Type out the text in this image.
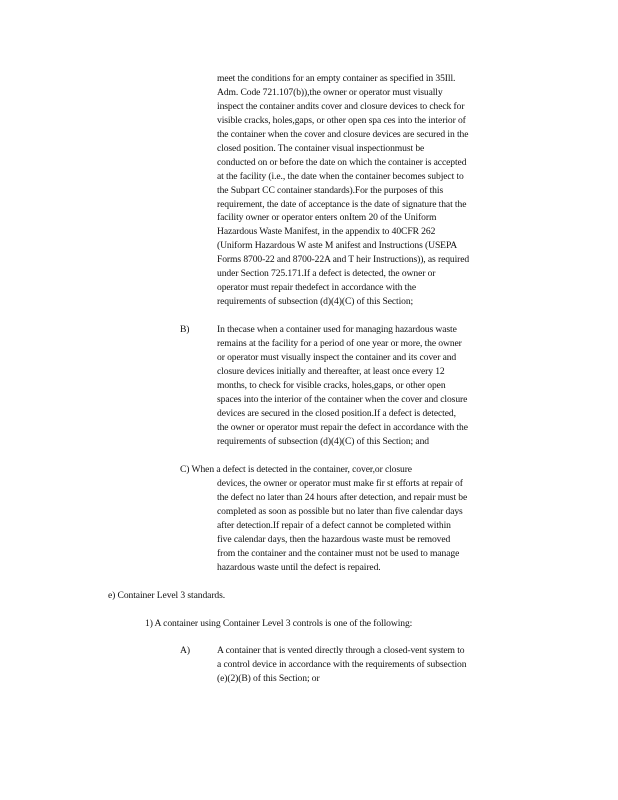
meet the conditions for an empty container as specified in 35Ill.
Adm. Code 721.107(b)),the owner or operator must visually
inspect the container andits cover and closure devices to check for
visible cracks, holes,gaps, or other open spa ces into the interior of
the container when the cover and closure devices are secured in the
closed position. The container visual inspectionmust be
conducted on or before the date on which the container is accepted
at the facility (i.e., the date when the container becomes subject to
the Subpart CC container standards).For the purposes of this
requirement, the date of acceptance is the date of signature that the
facility owner or operator enters onItem 20 of the Uniform
Hazardous Waste Manifest, in the appendix to 40CFR 262
(Uniform Hazardous W aste M anifest and Instructions (USEPA
Forms 8700-22 and 8700-22A and T heir Instructions)), as required
under Section 725.171.If a defect is detected, the owner or
operator must repair thedefect in accordance with the
requirements of subsection (d)(4)(C) of this Section;
B)	In thecase when a container used for managing hazardous waste
remains at the facility for a period of one year or more, the owner
or operator must visually inspect the container and its cover and
closure devices initially and thereafter, at least once every 12
months, to check for visible cracks, holes,gaps, or other open
spaces into the interior of the container when the cover and closure
devices are secured in the closed position.If a defect is detected,
the owner or operator must repair the defect in accordance with the
requirements of subsection (d)(4)(C) of this Section; and
C) When a defect is detected in the container, cover,or closure
devices, the owner or operator must make fir st efforts at repair of
the defect no later than 24 hours after detection, and repair must be
completed as soon as possible but no later than five calendar days
after detection.If repair of a defect cannot be completed within
five calendar days, then the hazardous waste must be removed
from the container and the container must not be used to manage
hazardous waste until the defect is repaired.
e) Container Level 3 standards.
1) A container using Container Level 3 controls is one of the following:
A)	A container that is vented directly through a closed-vent system to
a control device in accordance with the requirements of subsection
(e)(2)(B) of this Section; or
